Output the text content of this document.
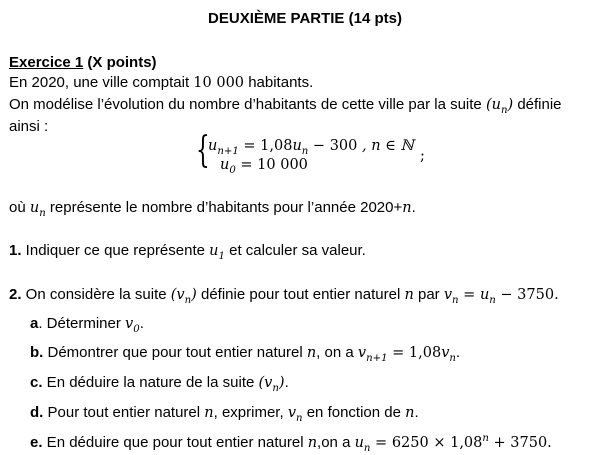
DEUXIÈME PARTIE (14 pts)
Exercice 1 (X points)
En 2020, une ville comptait 10 000 habitants.
On modélise l’évolution du nombre d’habitants de cette ville par la suite $(u_n)$ définie
ainsi :
{
$u_{n+1} = 1,08u_n - 300$ , n ∈ ℕ
$u_0 = 10$ 000
;
où $u_n$ représente le nombre d’habitants pour l’année 2020+n.
1. Indiquer ce que représente $u_1$ et calculer sa valeur.
2. On considère la suite $(v_n)$ définie pour tout entier naturel n par $v_n = u_n - 3750$.
a. Déterminer $v_0$.
b. Démontrer que pour tout entier naturel n, on a $v_{n+1} = 1,08v_n$.
c. En déduire la nature de la suite $(v_n)$.
d. Pour tout entier naturel n, exprimer, $v_n$ en fonction de n.
e. En déduire que pour tout entier naturel n,on a $u_n = 6250 \times 1,08^n + 3750$.
